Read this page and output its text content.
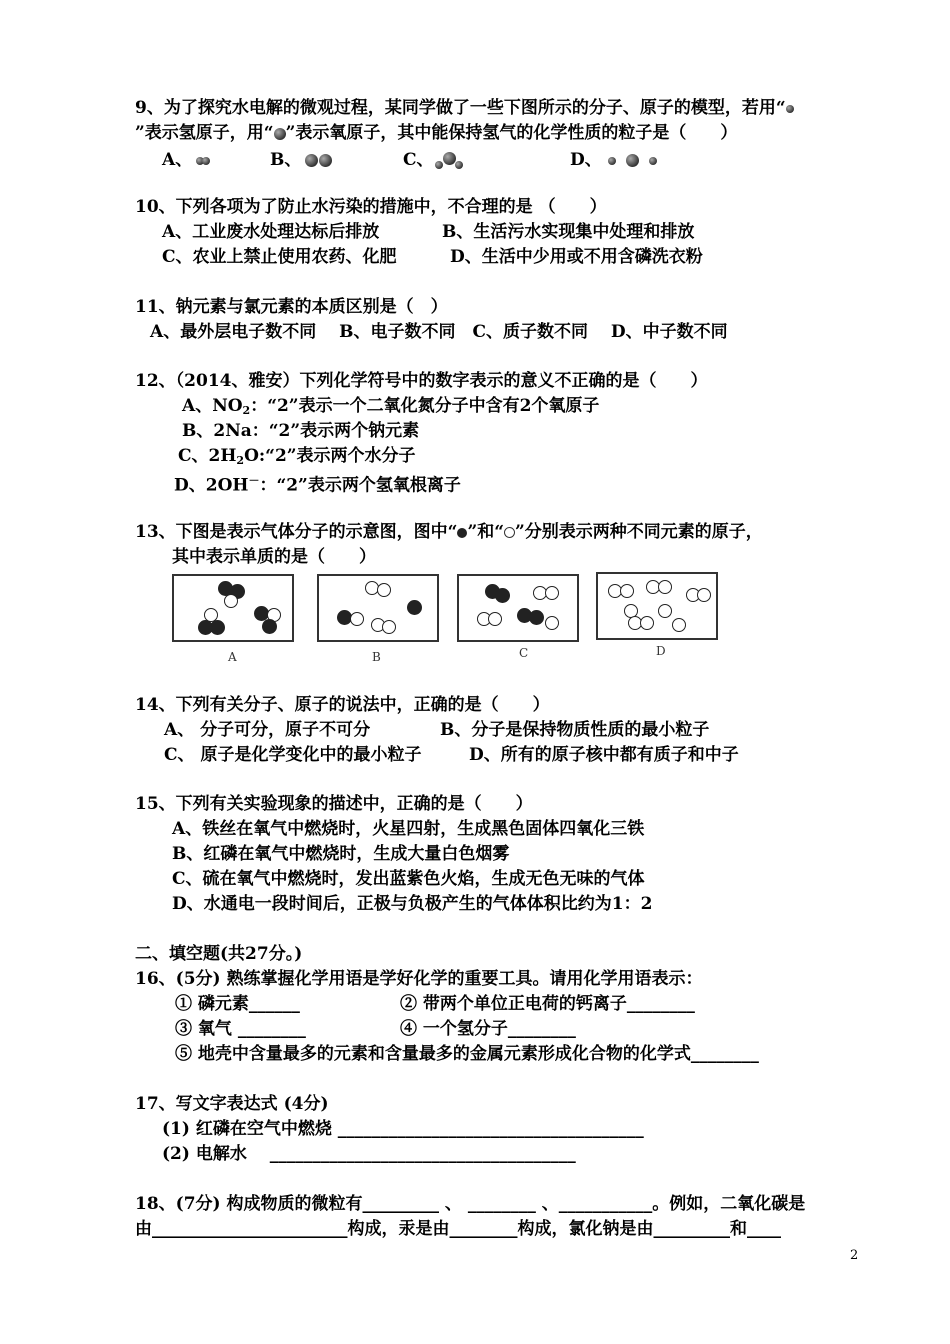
9、为了探究水电解的微观过程，某同学做了一些下图所示的分子、原子的模型，若用“
”表示氢原子，用“ ”表示氧原子，其中能保持氢气的化学性质的粒子是（　　）
A、	B、	C、	D、
10、下列各项为了防止水污染的措施中，不合理的是 （　　）
A、工业废水处理达标后排放	B、生活污水实现集中处理和排放
C、农业上禁止使用农药、化肥	D、生活中少用或不用含磷洗衣粉
11、钠元素与氯元素的本质区别是（　）
A、最外层电子数不同　 B、电子数不同　C、质子数不同　 D、中子数不同
12、（2014、雅安）下列化学符号中的数字表示的意义不正确的是（　　）
A、$NO_2$：“2”表示一个二氧化氮分子中含有2个氧原子
B、2Na：“2”表示两个钠元素
C、$2H_2O:“2$”表示两个水分子
D、2OH－：“2”表示两个氢氧根离子
13、下图是表示气体分子的示意图，图中“ ”和“ ”分别表示两种不同元素的原子，
其中表示单质的是（　　）
A	B	C	D
14、下列有关分子、原子的说法中，正确的是（　　）
A、 分子可分，原子不可分	B、分子是保持物质性质的最小粒子
C、 原子是化学变化中的最小粒子	D、所有的原子核中都有质子和中子
15、下列有关实验现象的描述中，正确的是（　　）
A、铁丝在氧气中燃烧时，火星四射，生成黑色固体四氧化三铁
B、红磷在氧气中燃烧时，生成大量白色烟雾
C、硫在氧气中燃烧时，发出蓝紫色火焰，生成无色无味的气体
D、水通电一段时间后，正极与负极产生的气体体积比约为1：2
二、填空题(共27分。)
16、(5分) 熟练掌握化学用语是学好化学的重要工具。请用化学用语表示：
① 磷元素______	② 带两个单位正电荷的钙离子________
③ 氧气 ________	④ 一个氢分子________
⑤ 地壳中含量最多的元素和含量最多的金属元素形成化合物的化学式________
17、写文字表达式 (4分)
(1) 红磷在空气中燃烧 ____________________________________
(2) 电解水　 ____________________________________
18、(7分) 构成物质的微粒有_________ 、 ________ 、___________。例如，二氧化碳是
由_______________________构成，汞是由________构成，氯化钠是由_________和____
2
